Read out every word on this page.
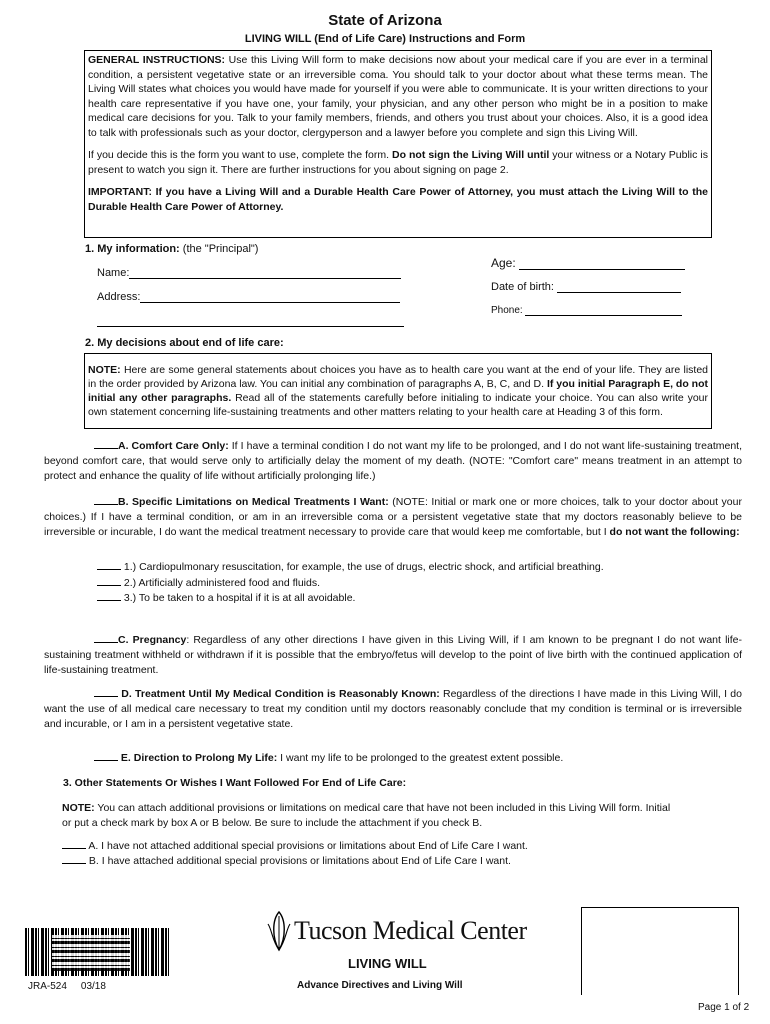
State of Arizona
LIVING WILL (End of Life Care) Instructions and Form

GENERAL INSTRUCTIONS: Use this Living Will form to make decisions now about your medical care if you are ever in a terminal condition, a persistent vegetative state or an irreversible coma. You should talk to your doctor about what these terms mean. The Living Will states what choices you would have made for yourself if you were able to communicate. It is your written directions to your health care representative if you have one, your family, your physician, and any other person who might be in a position to make medical care decisions for you. Talk to your family members, friends, and others you trust about your choices. Also, it is a good idea to talk with professionals such as your doctor, clergyperson and a lawyer before you complete and sign this Living Will.

If you decide this is the form you want to use, complete the form. Do not sign the Living Will until your witness or a Notary Public is present to watch you sign it. There are further instructions for you about signing on page 2.

IMPORTANT: If you have a Living Will and a Durable Health Care Power of Attorney, you must attach the Living Will to the Durable Health Care Power of Attorney.

1. My information: (the "Principal")
Name:
Address:
Age:
Date of birth:
Phone:
2. My decisions about end of life care:

NOTE: Here are some general statements about choices you have as to health care you want at the end of your life. They are listed in the order provided by Arizona law. You can initial any combination of paragraphs A, B, C, and D. If you initial Paragraph E, do not initial any other paragraphs. Read all of the statements carefully before initialing to indicate your choice. You can also write your own statement concerning life-sustaining treatments and other matters relating to your health care at Heading 3 of this form.

A. Comfort Care Only: If I have a terminal condition I do not want my life to be prolonged, and I do not want life-sustaining treatment, beyond comfort care, that would serve only to artificially delay the moment of my death. (NOTE: "Comfort care" means treatment in an attempt to protect and enhance the quality of life without artificially prolonging life.)

B. Specific Limitations on Medical Treatments I Want: (NOTE: Initial or mark one or more choices, talk to your doctor about your choices.) If I have a terminal condition, or am in an irreversible coma or a persistent vegetative state that my doctors reasonably believe to be irreversible or incurable, I do want the medical treatment necessary to provide care that would keep me comfortable, but I do not want the following:

1.) Cardiopulmonary resuscitation, for example, the use of drugs, electric shock, and artificial breathing.
2.) Artificially administered food and fluids.
3.) To be taken to a hospital if it is at all avoidable.

C. Pregnancy: Regardless of any other directions I have given in this Living Will, if I am known to be pregnant I do not want life-sustaining treatment withheld or withdrawn if it is possible that the embryo/fetus will develop to the point of live birth with the continued application of life-sustaining treatment.

D. Treatment Until My Medical Condition is Reasonably Known: Regardless of the directions I have made in this Living Will, I do want the use of all medical care necessary to treat my condition until my doctors reasonably conclude that my condition is terminal or is irreversible and incurable, or I am in a persistent vegetative state.

E. Direction to Prolong My Life: I want my life to be prolonged to the greatest extent possible.
3. Other Statements Or Wishes I Want Followed For End of Life Care:

NOTE: You can attach additional provisions or limitations on medical care that have not been included in this Living Will form. Initial or put a check mark by box A or B below. Be sure to include the attachment if you check B.

A. I have not attached additional special provisions or limitations about End of Life Care I want.
B. I have attached additional special provisions or limitations about End of Life Care I want.
Tucson Medical Center
LIVING WILL
Advance Directives and Living Will
JRA-524 03/18
Page 1 of 2
